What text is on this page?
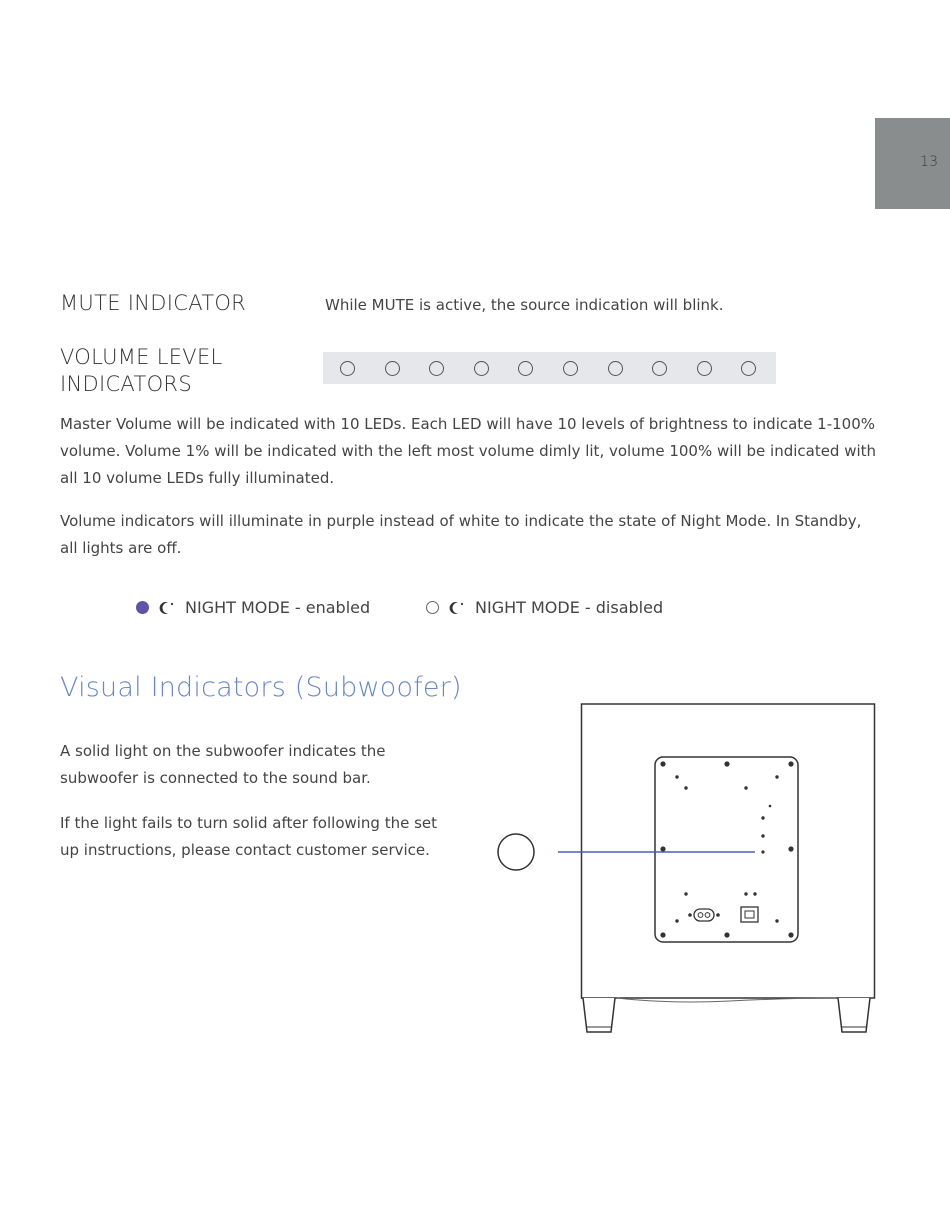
13
MUTE INDICATOR	While MUTE is active, the source indication will blink.
VOLUME LEVEL
INDICATORS

Master Volume will be indicated with 10 LEDs. Each LED will have 10 levels of brightness to indicate 1-100% volume. Volume 1% will be indicated with the left most volume dimly lit, volume 100% will be indicated with all 10 volume LEDs fully illuminated.

Volume indicators will illuminate in purple instead of white to indicate the state of Night Mode. In Standby, all lights are off.

NIGHT MODE - enabled	NIGHT MODE - disabled
Visual Indicators (Subwoofer)

A solid light on the subwoofer indicates the subwoofer is connected to the sound bar.

If the light fails to turn solid after following the set up instructions, please contact customer service.
